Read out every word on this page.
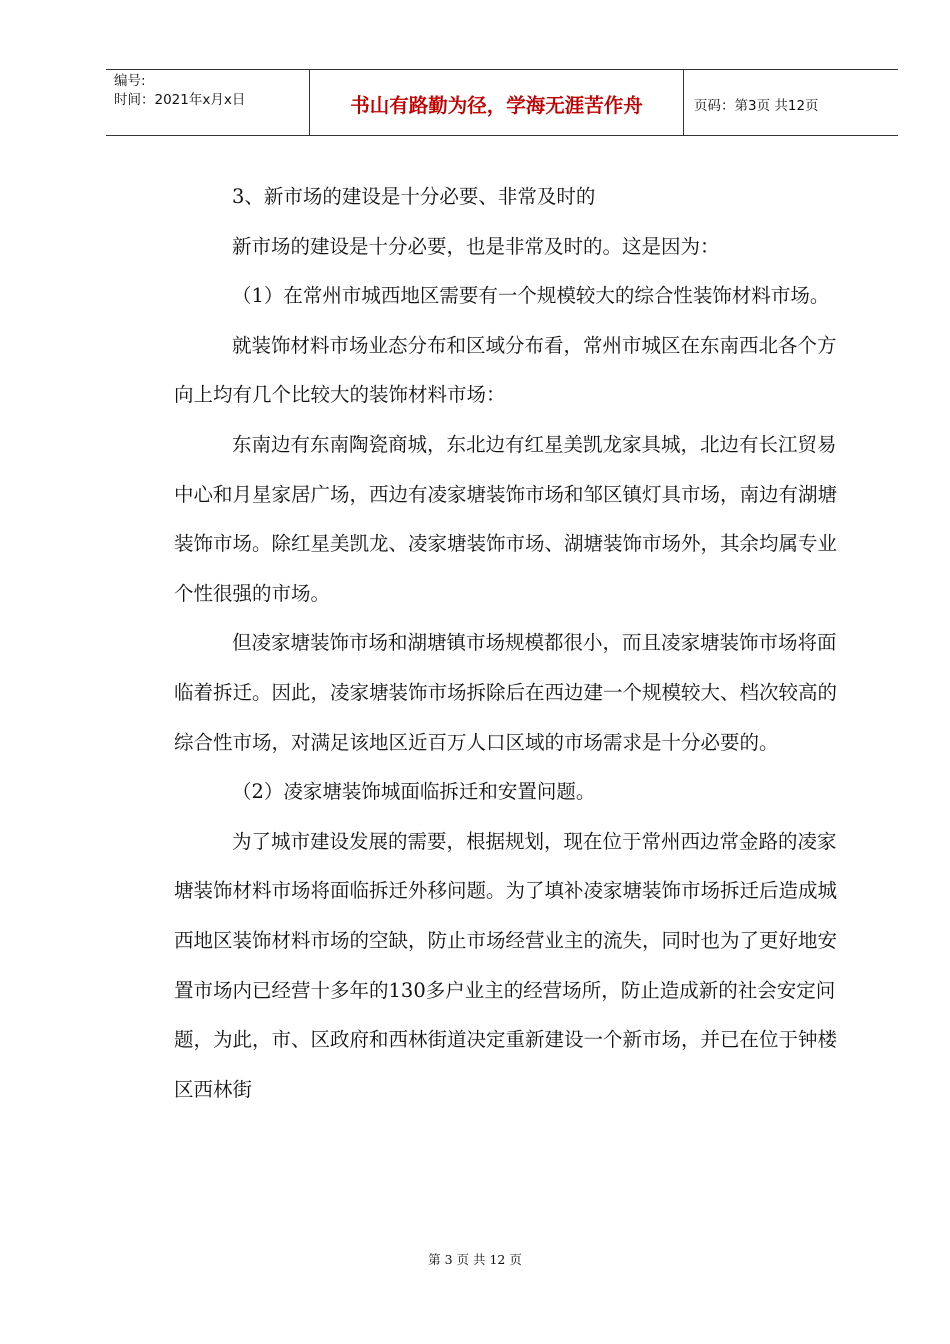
编号:
时间：2021年x月x日	书山有路勤为径，学海无涯苦作舟	页码：第3页 共12页

3、新市场的建设是十分必要、非常及时的

新市场的建设是十分必要，也是非常及时的。这是因为：

（1）在常州市城西地区需要有一个规模较大的综合性装饰材料市场。

就装饰材料市场业态分布和区域分布看，常州市城区在东南西北各个方向上均有几个比较大的装饰材料市场：

东南边有东南陶瓷商城，东北边有红星美凯龙家具城，北边有长江贸易中心和月星家居广场，西边有凌家塘装饰市场和邹区镇灯具市场，南边有湖塘装饰市场。除红星美凯龙、凌家塘装饰市场、湖塘装饰市场外，其余均属专业个性很强的市场。

但凌家塘装饰市场和湖塘镇市场规模都很小，而且凌家塘装饰市场将面临着拆迁。因此，凌家塘装饰市场拆除后在西边建一个规模较大、档次较高的综合性市场，对满足该地区近百万人口区域的市场需求是十分必要的。

（2）凌家塘装饰城面临拆迁和安置问题。

为了城市建设发展的需要，根据规划，现在位于常州西边常金路的凌家塘装饰材料市场将面临拆迁外移问题。为了填补凌家塘装饰市场拆迁后造成城西地区装饰材料市场的空缺，防止市场经营业主的流失，同时也为了更好地安置市场内已经营十多年的130多户业主的经营场所，防止造成新的社会安定问题，为此，市、区政府和西林街道决定重新建设一个新市场，并已在位于钟楼区西林街

第 3 页 共 12 页
